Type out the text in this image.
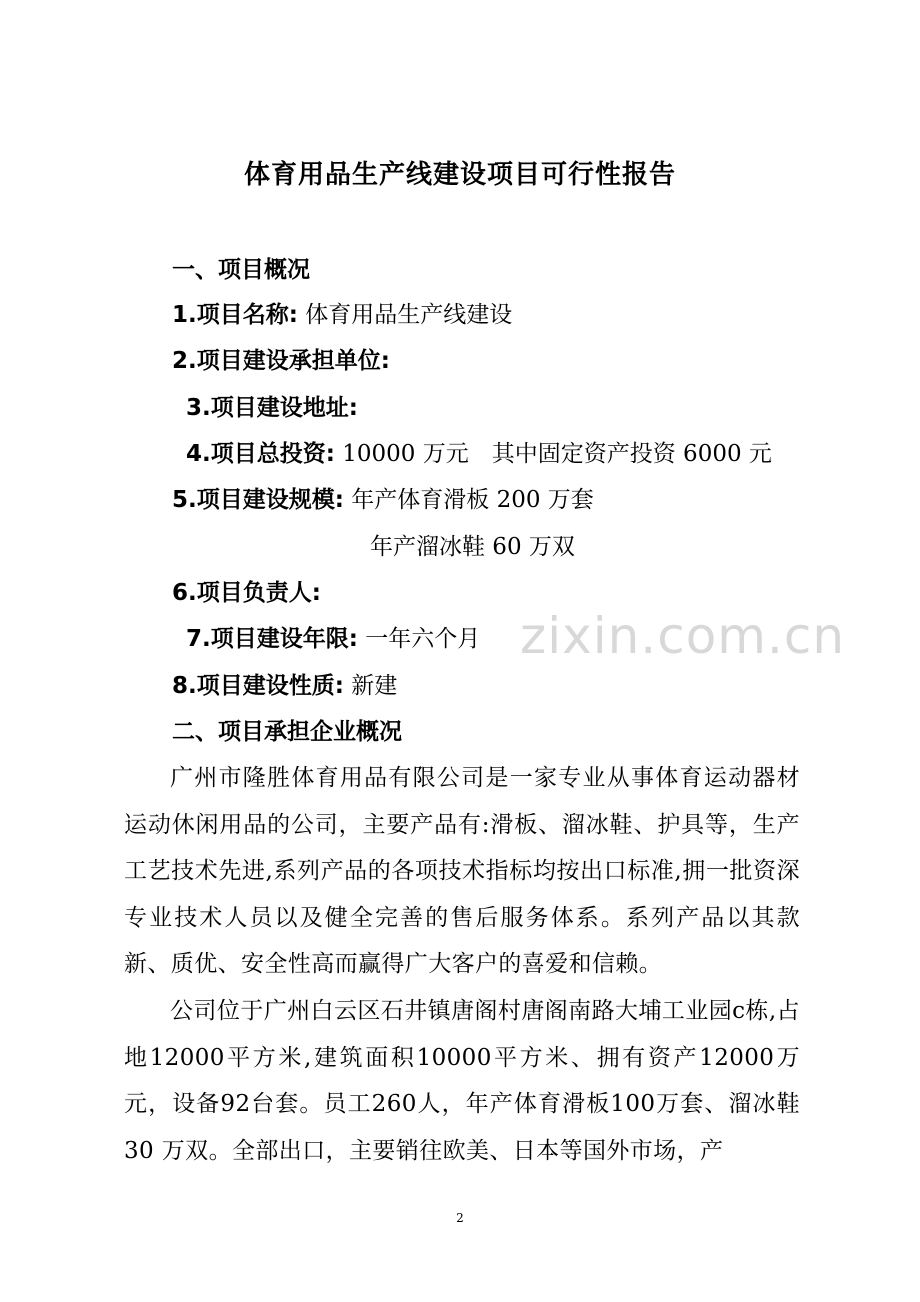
zixin.com.cn
体育用品生产线建设项目可行性报告
一、项目概况
1.项目名称: 体育用品生产线建设
2.项目建设承担单位:
3.项目建设地址:
4.项目总投资: 10000 万元　其中固定资产投资 6000 元
5.项目建设规模: 年产体育滑板 200 万套
年产溜冰鞋 60 万双
6.项目负责人:
7.项目建设年限: 一年六个月
8.项目建设性质: 新建
二、项目承担企业概况
广州市隆胜体育用品有限公司是一家专业从事体育运动器材运动休闲用品的公司，主要产品有:滑板、溜冰鞋、护具等，生产工艺技术先进,系列产品的各项技术指标均按出口标准,拥一批资深专业技术人员以及健全完善的售后服务体系。系列产品以其款新、质优、安全性高而赢得广大客户的喜爱和信赖。
公司位于广州白云区石井镇唐阁村唐阁南路大埔工业园c栋,占地12000平方米,建筑面积10000平方米、拥有资产12000万元，设备92台套。员工260人，年产体育滑板100万套、溜冰鞋 30 万双。全部出口，主要销往欧美、日本等国外市场，产
2
